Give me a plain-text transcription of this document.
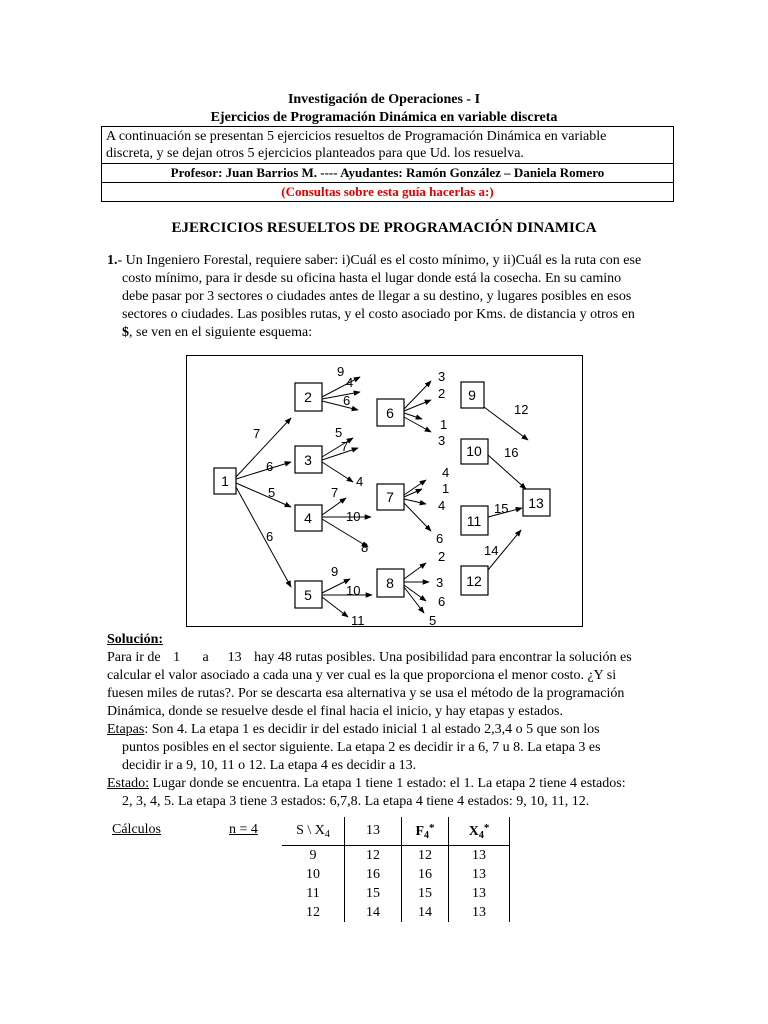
Investigación de Operaciones - I
Ejercicios de Programación Dinámica en variable discreta
A continuación se presentan 5 ejercicios resueltos de Programación Dinámica en variable
discreta, y se dejan otros 5 ejercicios planteados para que Ud. los resuelva.
Profesor: Juan Barrios M. ---- Ayudantes: Ramón González – Daniela Romero
(Consultas sobre esta guía hacerlas a:)
EJERCICIOS RESUELTOS DE PROGRAMACIÓN DINAMICA
1.- Un Ingeniero Forestal, requiere saber: i)Cuál es el costo mínimo, y ii)Cuál es la ruta con ese
costo mínimo, para ir desde su oficina hasta el lugar donde está la cosecha. En su camino
debe pasar por 3 sectores o ciudades antes de llegar a su destino, y lugares posibles en esos
sectores o ciudades. Las posibles rutas, y el costo asociado por Kms. de distancia y otros en
$, se ven en el siguiente esquema:
1
2
3
4
5
6
7
8
9
10
11
12
13
7
6
5
6
9
4
6
5
7
4
7
10
8
9
10
11
3
2
1
3
4
1
4
6
2
3
6
5
12
16
15
14
Solución:
Para ir de 1 a 13 hay 48 rutas posibles. Una posibilidad para encontrar la solución es
calcular el valor asociado a cada una y ver cual es la que proporciona el menor costo. ¿Y si
fuesen miles de rutas?. Por se descarta esa alternativa y se usa el método de la programación
Dinámica, donde se resuelve desde el final hacia el inicio, y hay etapas y estados.
Etapas: Son 4. La etapa 1 es decidir ir del estado inicial 1 al estado 2,3,4 o 5 que son los
puntos posibles en el sector siguiente. La etapa 2 es decidir ir a 6, 7 u 8. La etapa 3 es
decidir ir a 9, 10, 11 o 12. La etapa 4 es decidir a 13.
Estado: Lugar donde se encuentra. La etapa 1 tiene 1 estado: el 1. La etapa 2 tiene 4 estados:
2, 3, 4, 5. La etapa 3 tiene 3 estados: 6,7,8. La etapa 4 tiene 4 estados: 9, 10, 11, 12.
Cálculos	n = 4	S \ $X_4$	13	$F_4^*$	$X_4^*$
9	12	12	13
10	16	16	13
11	15	15	13
12	14	14	13
